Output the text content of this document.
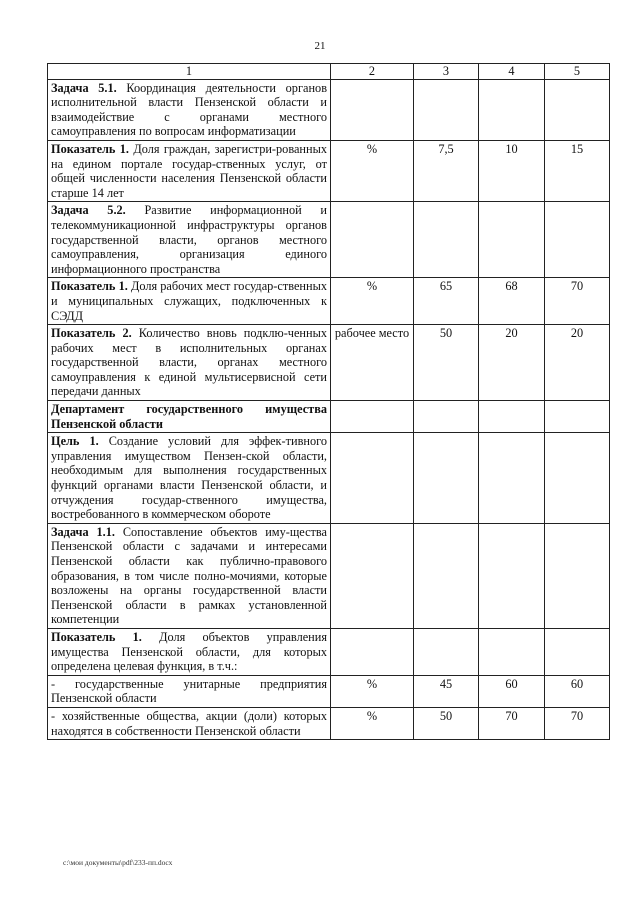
21
1	2	3	4	5
Задача 5.1. Координация деятельности органов исполнительной власти Пензенской области и взаимодействие с органами местного самоуправления по вопросам информатизации				
Показатель 1. Доля граждан, зарегистри-рованных на едином портале государ-ственных услуг, от общей численности населения Пензенской области старше 14 лет	%	7,5	10	15
Задача 5.2. Развитие информационной и телекоммуникационной инфраструктуры органов государственной власти, органов местного самоуправления, организация единого информационного пространства				
Показатель 1. Доля рабочих мест государ-ственных и муниципальных служащих, подключенных к СЭДД	%	65	68	70
Показатель 2. Количество вновь подклю-ченных рабочих мест в исполнительных органах государственной власти, органах местного самоуправления к единой мультисервисной сети передачи данных	рабочее место	50	20	20
Департамент государственного имущества Пензенской области				
Цель 1. Создание условий для эффек-тивного управления имуществом Пензен-ской области, необходимым для выполнения государственных функций органами власти Пензенской области, и отчуждения государ-ственного имущества, востребованного в коммерческом обороте				
Задача 1.1. Сопоставление объектов иму-щества Пензенской области с задачами и интересами Пензенской области как публично-правового образования, в том числе полно-мочиями, которые возложены на органы государственной власти Пензенской области в рамках установленной компетенции				
Показатель 1. Доля объектов управления имущества Пензенской области, для которых определена целевая функция, в т.ч.:				
- государственные унитарные предприятия Пензенской области	%	45	60	60
- хозяйственные общества, акции (доли) которых находятся в собственности Пензенской области	%	50	70	70
c:\мои документы\pdf\233-пп.docx
